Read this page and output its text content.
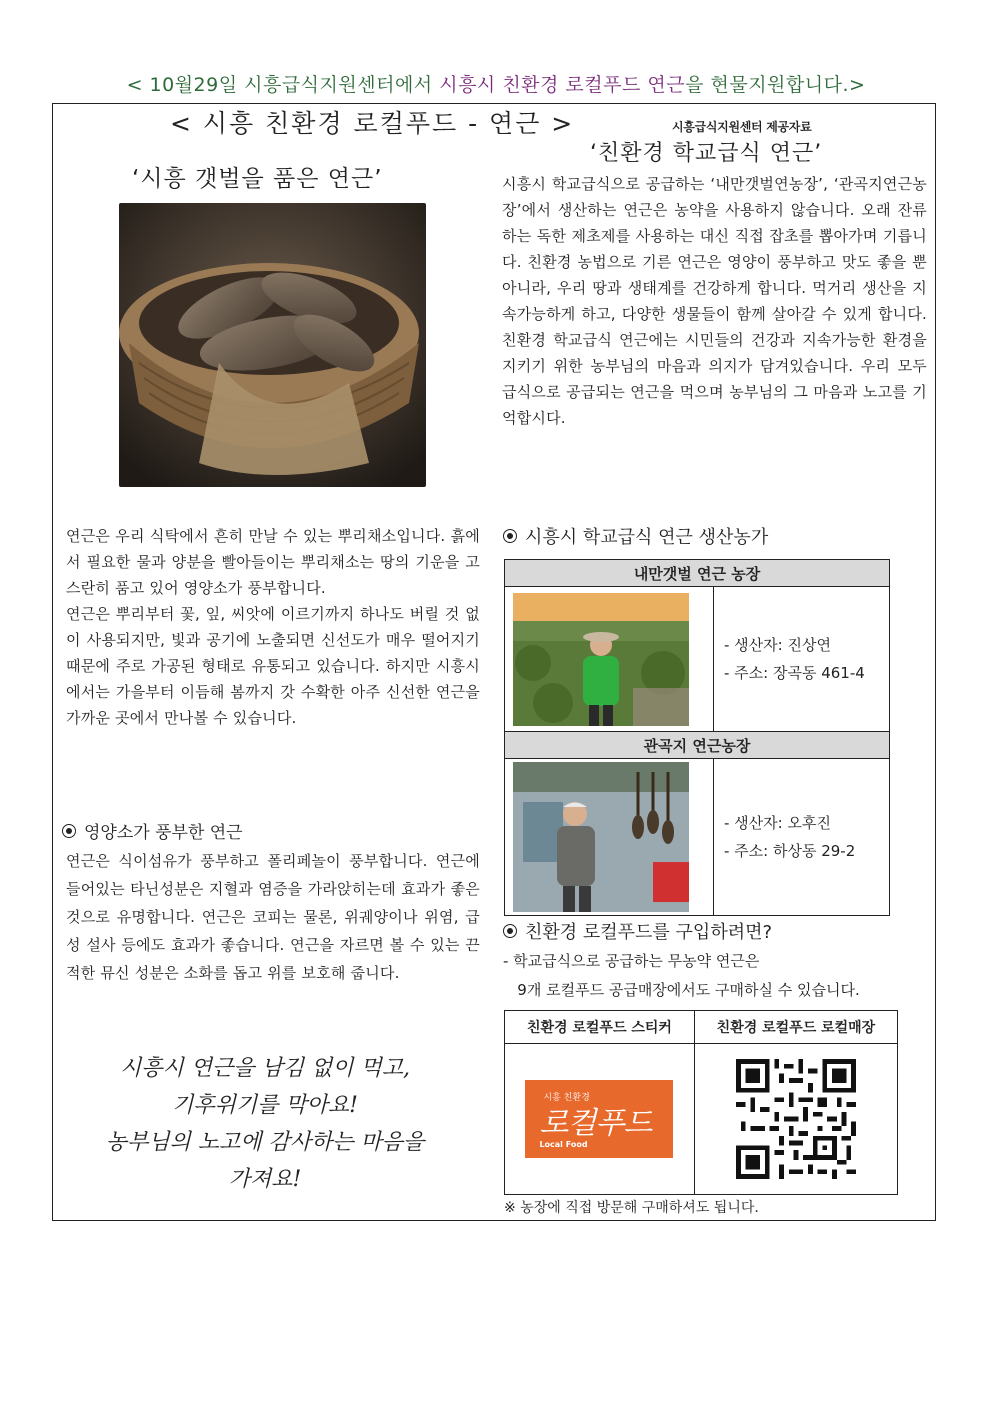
< 10월29일 시흥급식지원센터에서 시흥시 친환경 로컬푸드 연근을 현물지원합니다.>
< 시흥 친환경 로컬푸드 - 연근 >	시흥급식지원센터 제공자료
‘시흥 갯벌을 품은 연근’
연근은 우리 식탁에서 흔히 만날 수 있는 뿌리채소입니다. 흙에서 필요한 물과 양분을 빨아들이는 뿌리채소는 땅의 기운을 고스란히 품고 있어 영양소가 풍부합니다.
연근은 뿌리부터 꽃, 잎, 씨앗에 이르기까지 하나도 버릴 것 없이 사용되지만, 빛과 공기에 노출되면 신선도가 매우 떨어지기 때문에 주로 가공된 형태로 유통되고 있습니다. 하지만 시흥시에서는 가을부터 이듬해 봄까지 갓 수확한 아주 신선한 연근을 가까운 곳에서 만나볼 수 있습니다.
영양소가 풍부한 연근
연근은 식이섬유가 풍부하고 폴리페놀이 풍부합니다. 연근에 들어있는 타닌성분은 지혈과 염증을 가라앉히는데 효과가 좋은 것으로 유명합니다. 연근은 코피는 물론, 위궤양이나 위염, 급성 설사 등에도 효과가 좋습니다. 연근을 자르면 볼 수 있는 끈적한 뮤신 성분은 소화를 돕고 위를 보호해 줍니다.
시흥시 연근을 남김 없이 먹고,
기후위기를 막아요!
농부님의 노고에 감사하는 마음을
가져요!
‘친환경 학교급식 연근’
시흥시 학교급식으로 공급하는 ‘내만갯벌연농장’, ‘관곡지연근농장’에서 생산하는 연근은 농약을 사용하지 않습니다. 오래 잔류하는 독한 제초제를 사용하는 대신 직접 잡초를 뽑아가며 기릅니다. 친환경 농법으로 기른 연근은 영양이 풍부하고 맛도 좋을 뿐 아니라, 우리 땅과 생태계를 건강하게 합니다. 먹거리 생산을 지속가능하게 하고, 다양한 생물들이 함께 살아갈 수 있게 합니다. 친환경 학교급식 연근에는 시민들의 건강과 지속가능한 환경을 지키기 위한 농부님의 마음과 의지가 담겨있습니다. 우리 모두 급식으로 공급되는 연근을 먹으며 농부님의 그 마음과 노고를 기억합시다.
시흥시 학교급식 연근 생산농가
내만갯벌 연근 농장	

- 생산자: 진상연
- 주소: 장곡동 461-4

관곡지 연근농장	

- 생산자: 오후진
- 주소: 하상동 29-2
친환경 로컬푸드를 구입하려면?
- 학교급식으로 공급하는 무농약 연근은
9개 로컬푸드 공급매장에서도 구매하실 수 있습니다.
친환경 로컬푸드 스티커	친환경 로컬푸드 로컬매장

시흥 친환경
로컬푸드
Local Food

※ 농장에 직접 방문해 구매하셔도 됩니다.
